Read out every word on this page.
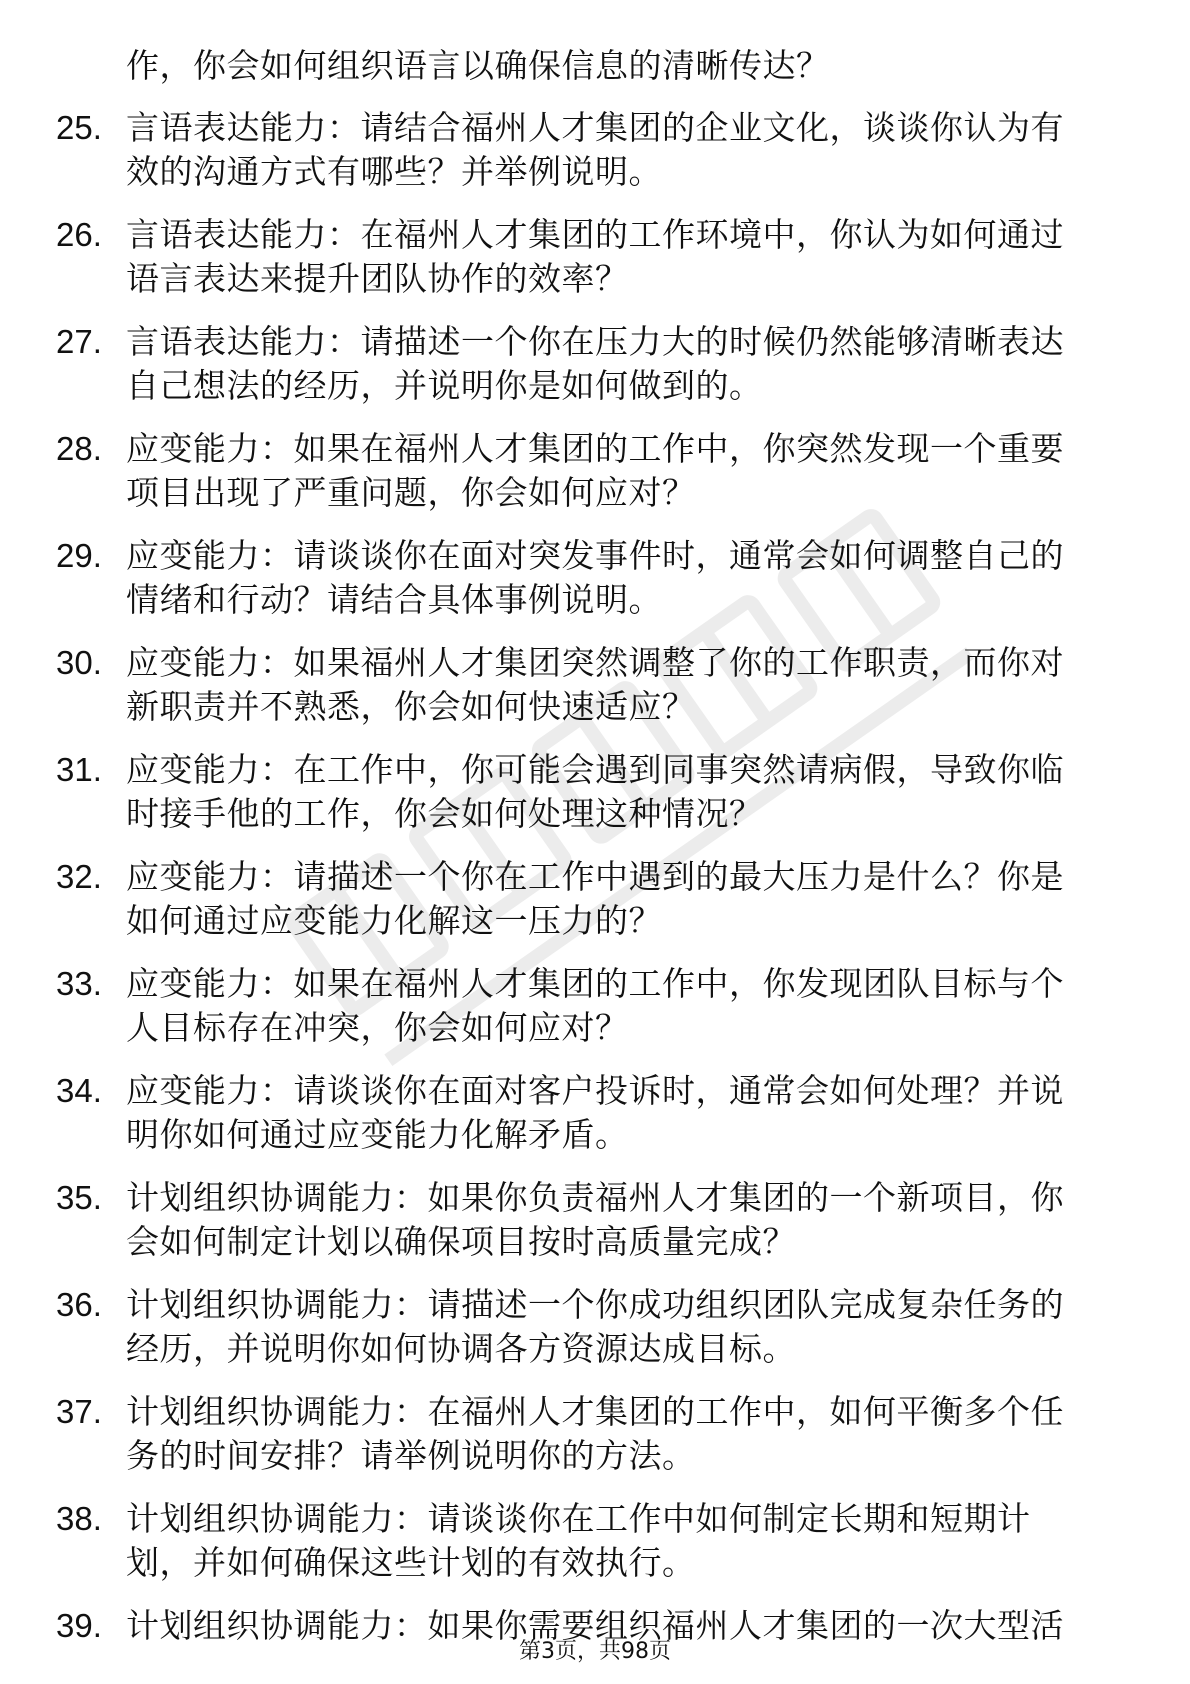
作，你会如何组织语言以确保信息的清晰传达？
25. 言语表达能力：请结合福州人才集团的企业文化，谈谈你认为有
效的沟通方式有哪些？并举例说明。
26. 言语表达能力：在福州人才集团的工作环境中，你认为如何通过
语言表达来提升团队协作的效率？
27. 言语表达能力：请描述一个你在压力大的时候仍然能够清晰表达
自己想法的经历，并说明你是如何做到的。
28. 应变能力：如果在福州人才集团的工作中，你突然发现一个重要
项目出现了严重问题，你会如何应对？
29. 应变能力：请谈谈你在面对突发事件时，通常会如何调整自己的
情绪和行动？请结合具体事例说明。
30. 应变能力：如果福州人才集团突然调整了你的工作职责，而你对
新职责并不熟悉，你会如何快速适应？
31. 应变能力：在工作中，你可能会遇到同事突然请病假，导致你临
时接手他的工作，你会如何处理这种情况？
32. 应变能力：请描述一个你在工作中遇到的最大压力是什么？你是
如何通过应变能力化解这一压力的？
33. 应变能力：如果在福州人才集团的工作中，你发现团队目标与个
人目标存在冲突，你会如何应对？
34. 应变能力：请谈谈你在面对客户投诉时，通常会如何处理？并说
明你如何通过应变能力化解矛盾。
35. 计划组织协调能力：如果你负责福州人才集团的一个新项目，你
会如何制定计划以确保项目按时高质量完成？
36. 计划组织协调能力：请描述一个你成功组织团队完成复杂任务的
经历，并说明你如何协调各方资源达成目标。
37. 计划组织协调能力：在福州人才集团的工作中，如何平衡多个任
务的时间安排？请举例说明你的方法。
38. 计划组织协调能力：请谈谈你在工作中如何制定长期和短期计
划，并如何确保这些计划的有效执行。
39. 计划组织协调能力：如果你需要组织福州人才集团的一次大型活
第3页，共98页
